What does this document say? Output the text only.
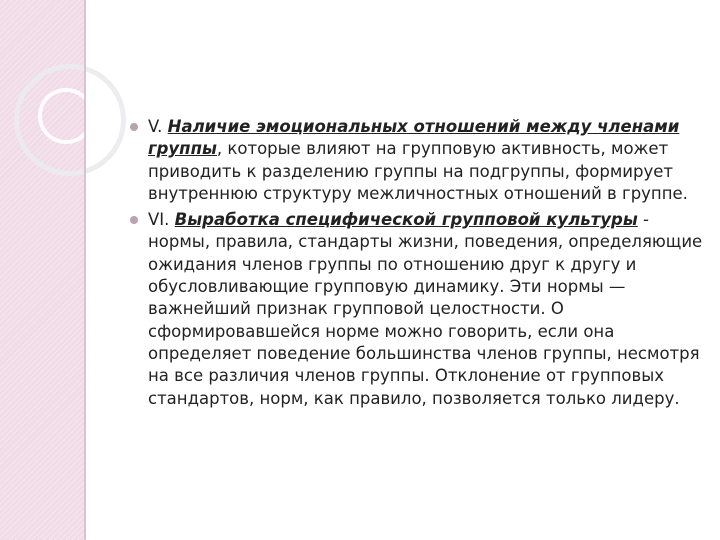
V. Наличие эмоциональных отношений между членами группы, которые влияют на групповую активность, может приводить к разделению группы на подгруппы, формирует внутреннюю структуру межличностных отношений в группе.
VI. Выработка специфической групповой культуры - нормы, правила, стандарты жизни, поведения, определяющие ожидания членов группы по отношению друг к другу и обусловливающие групповую динамику. Эти нормы — важнейший признак групповой целостности. О сформировавшейся норме можно говорить, если она определяет поведение большинства членов группы, несмотря на все различия членов группы. Отклонение от групповых стандартов, норм, как правило, позволяется только лидеру.
